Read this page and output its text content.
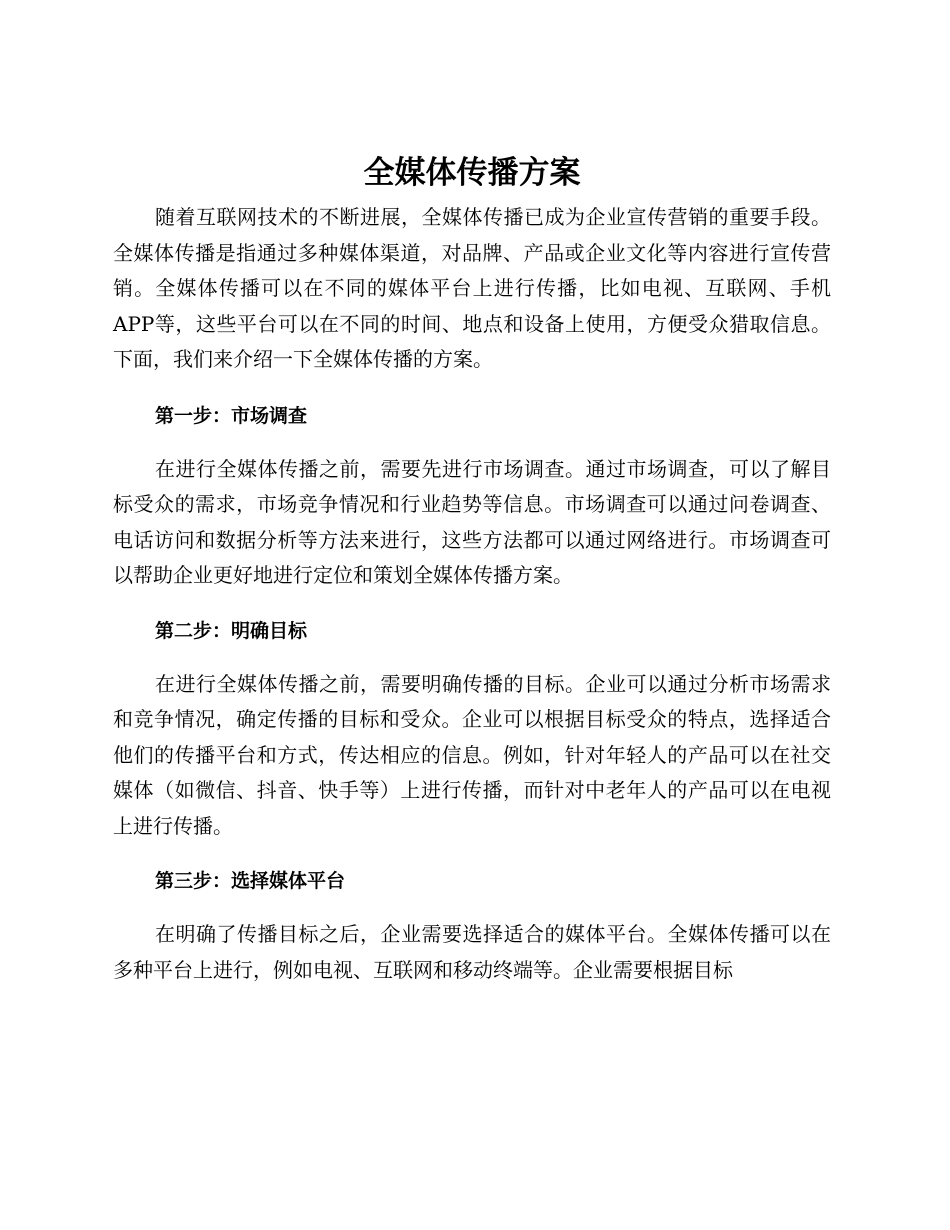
全媒体传播方案

随着互联网技术的不断进展，全媒体传播已成为企业宣传营销的重要手段。全媒体传播是指通过多种媒体渠道，对品牌、产品或企业文化等内容进行宣传营销。全媒体传播可以在不同的媒体平台上进行传播，比如电视、互联网、手机APP等，这些平台可以在不同的时间、地点和设备上使用，方便受众猎取信息。下面，我们来介绍一下全媒体传播的方案。

第一步：市场调查

在进行全媒体传播之前，需要先进行市场调查。通过市场调查，可以了解目标受众的需求，市场竞争情况和行业趋势等信息。市场调查可以通过问卷调查、电话访问和数据分析等方法来进行，这些方法都可以通过网络进行。市场调查可以帮助企业更好地进行定位和策划全媒体传播方案。

第二步：明确目标

在进行全媒体传播之前，需要明确传播的目标。企业可以通过分析市场需求和竞争情况，确定传播的目标和受众。企业可以根据目标受众的特点，选择适合他们的传播平台和方式，传达相应的信息。例如，针对年轻人的产品可以在社交媒体（如微信、抖音、快手等）上进行传播，而针对中老年人的产品可以在电视上进行传播。

第三步：选择媒体平台

在明确了传播目标之后，企业需要选择适合的媒体平台。全媒体传播可以在多种平台上进行，例如电视、互联网和移动终端等。企业需要根据目标
